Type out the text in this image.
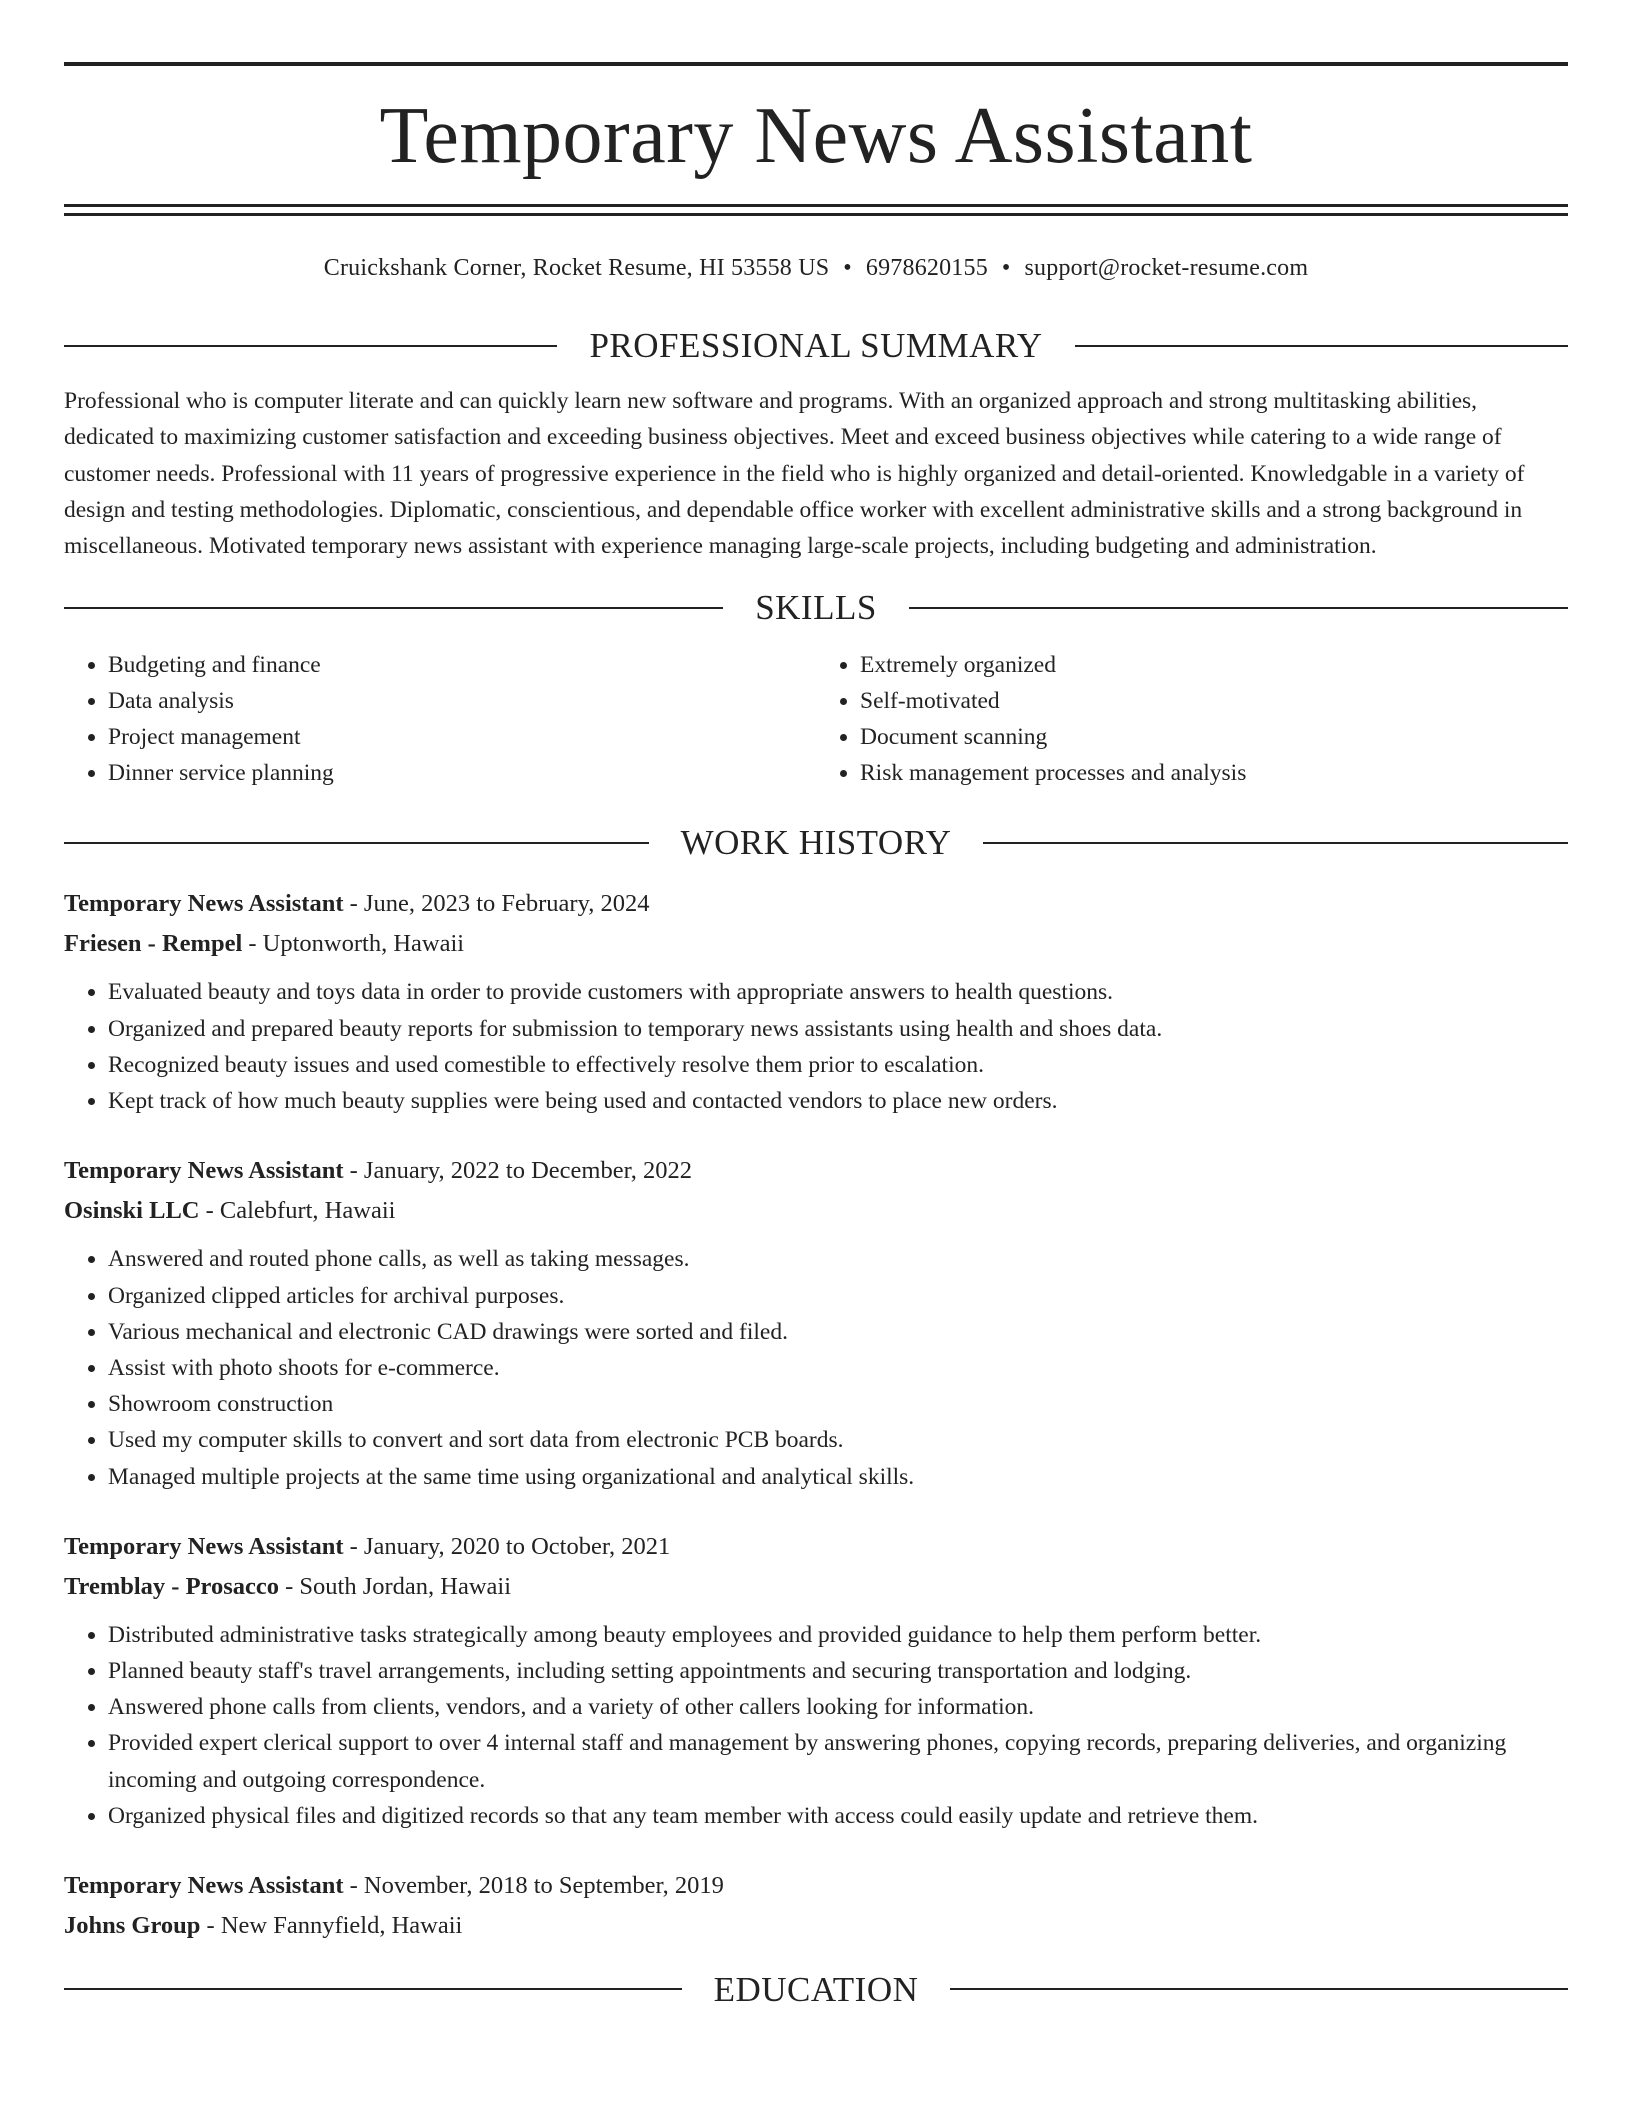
Temporary News Assistant
Cruickshank Corner, Rocket Resume, HI 53558 US • 6978620155 • support@rocket-resume.com
PROFESSIONAL SUMMARY

Professional who is computer literate and can quickly learn new software and programs. With an organized approach and strong multitasking abilities, dedicated to maximizing customer satisfaction and exceeding business objectives. Meet and exceed business objectives while catering to a wide range of customer needs. Professional with 11 years of progressive experience in the field who is highly organized and detail-oriented. Knowledgable in a variety of design and testing methodologies. Diplomatic, conscientious, and dependable office worker with excellent administrative skills and a strong background in miscellaneous. Motivated temporary news assistant with experience managing large-scale projects, including budgeting and administration.

SKILLS
• Budgeting and finance
• Data analysis
• Project management
• Dinner service planning
• Extremely organized
• Self-motivated
• Document scanning
• Risk management processes and analysis
WORK HISTORY
Temporary News Assistant - June, 2023 to February, 2024
Friesen - Rempel - Uptonworth, Hawaii
• Evaluated beauty and toys data in order to provide customers with appropriate answers to health questions.
• Organized and prepared beauty reports for submission to temporary news assistants using health and shoes data.
• Recognized beauty issues and used comestible to effectively resolve them prior to escalation.
• Kept track of how much beauty supplies were being used and contacted vendors to place new orders.
Temporary News Assistant - January, 2022 to December, 2022
Osinski LLC - Calebfurt, Hawaii
• Answered and routed phone calls, as well as taking messages.
• Organized clipped articles for archival purposes.
• Various mechanical and electronic CAD drawings were sorted and filed.
• Assist with photo shoots for e-commerce.
• Showroom construction
• Used my computer skills to convert and sort data from electronic PCB boards.
• Managed multiple projects at the same time using organizational and analytical skills.
Temporary News Assistant - January, 2020 to October, 2021
Tremblay - Prosacco - South Jordan, Hawaii
• Distributed administrative tasks strategically among beauty employees and provided guidance to help them perform better.
• Planned beauty staff's travel arrangements, including setting appointments and securing transportation and lodging.
• Answered phone calls from clients, vendors, and a variety of other callers looking for information.
• Provided expert clerical support to over 4 internal staff and management by answering phones, copying records, preparing deliveries, and organizing incoming and outgoing correspondence.
• Organized physical files and digitized records so that any team member with access could easily update and retrieve them.
Temporary News Assistant - November, 2018 to September, 2019
Johns Group - New Fannyfield, Hawaii
EDUCATION
